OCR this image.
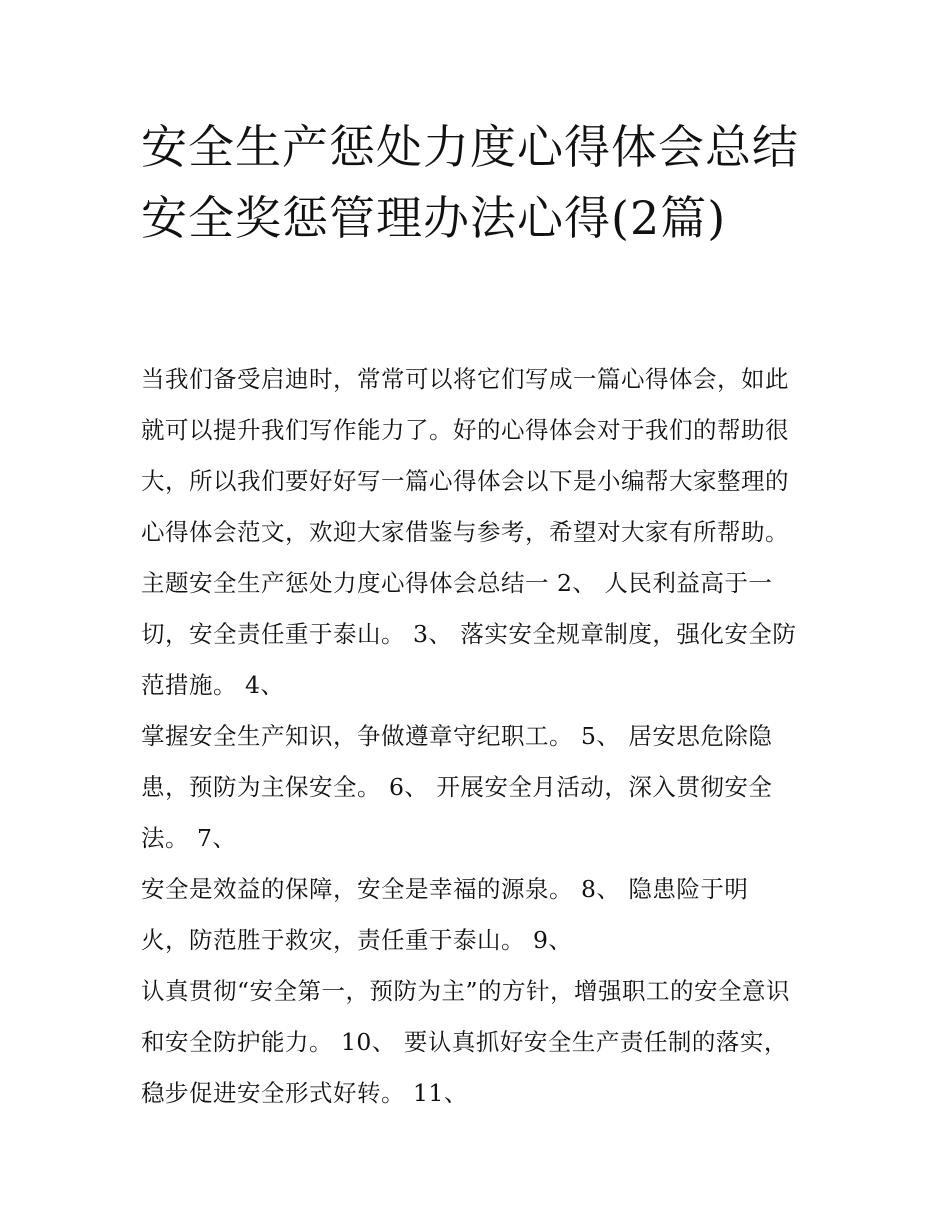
安全生产惩处力度心得体会总结 安全奖惩管理办法心得(2篇)
当我们备受启迪时，常常可以将它们写成一篇心得体会，如此
就可以提升我们写作能力了。好的心得体会对于我们的帮助很
大，所以我们要好好写一篇心得体会以下是小编帮大家整理的
心得体会范文，欢迎大家借鉴与参考，希望对大家有所帮助。
主题安全生产惩处力度心得体会总结一 2、 人民利益高于一
切，安全责任重于泰山。 3、 落实安全规章制度，强化安全防
范措施。 4、
掌握安全生产知识，争做遵章守纪职工。 5、 居安思危除隐
患，预防为主保安全。 6、 开展安全月活动，深入贯彻安全
法。 7、
安全是效益的保障，安全是幸福的源泉。 8、 隐患险于明
火，防范胜于救灾，责任重于泰山。 9、
认真贯彻“安全第一，预防为主”的方针，增强职工的安全意识
和安全防护能力。 10、 要认真抓好安全生产责任制的落实，
稳步促进安全形式好转。 11、
